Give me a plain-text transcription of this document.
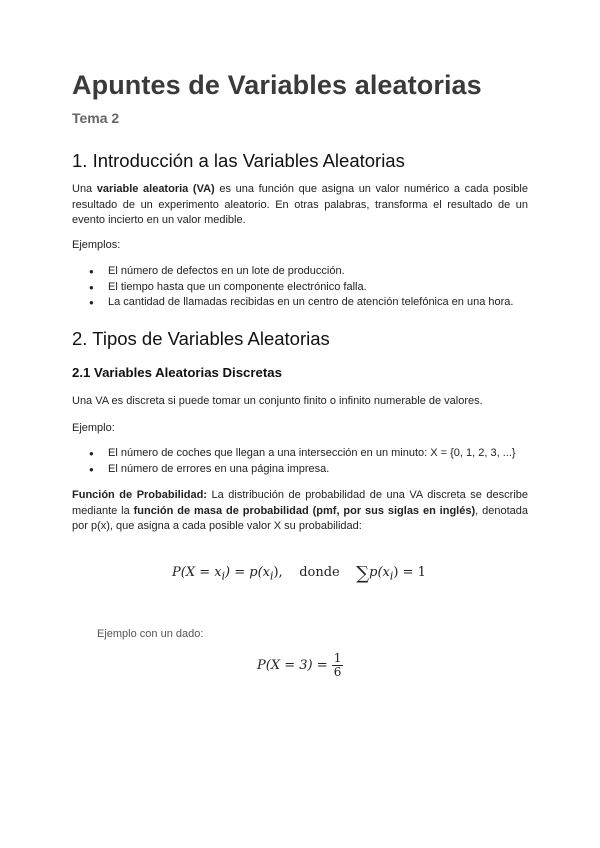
Apuntes de Variables aleatorias
Tema 2
1. Introducción a las Variables Aleatorias

Una variable aleatoria (VA) es una función que asigna un valor numérico a cada posible resultado de un experimento aleatorio. En otras palabras, transforma el resultado de un evento incierto en un valor medible.

Ejemplos:

● El número de defectos en un lote de producción.
● El tiempo hasta que un componente electrónico falla.
● La cantidad de llamadas recibidas en un centro de atención telefónica en una hora.
2. Tipos de Variables Aleatorias
2.1 Variables Aleatorias Discretas

Una VA es discreta si puede tomar un conjunto finito o infinito numerable de valores.

Ejemplo:

● El número de coches que llegan a una intersección en un minuto: X = {0, 1, 2, 3, ...}
● El número de errores en una página impresa.

Función de Probabilidad: La distribución de probabilidad de una VA discreta se describe mediante la función de masa de probabilidad (pmf, por sus siglas en inglés), denotada por p(x), que asigna a cada posible valor X su probabilidad:

$P(X = x_i) = p(x_i)$, donde $\sum p(x_i) = 1$

Ejemplo con un dado:

$P(X = 3) = \frac{1}{6}$
